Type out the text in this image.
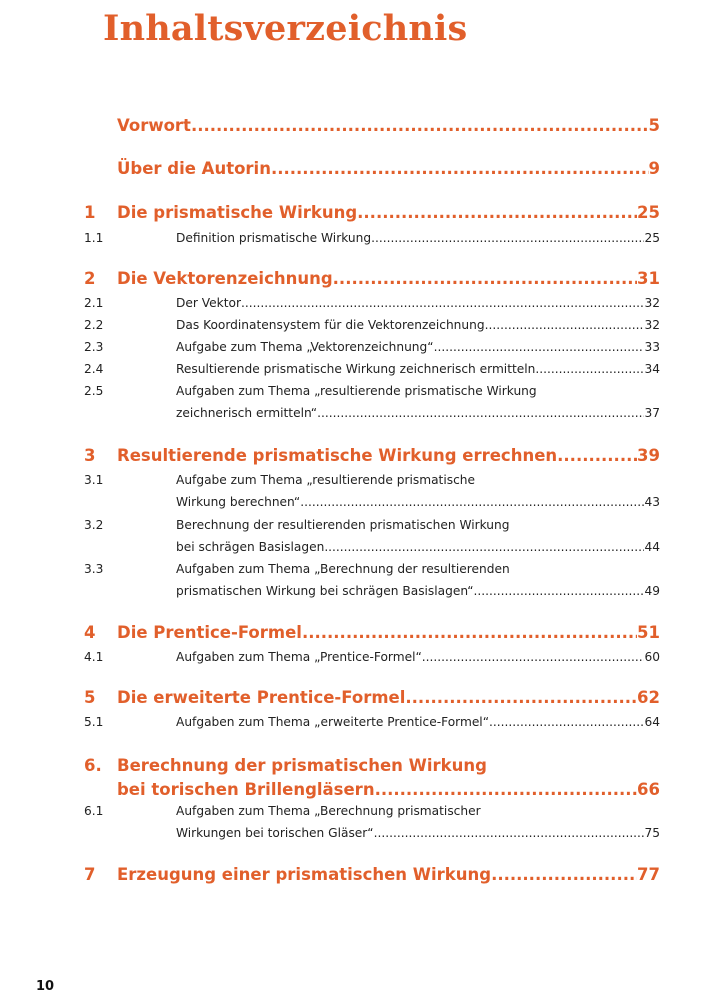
Inhaltsverzeichnis
Vorwort .....	5
Über die Autorin .....	9
1 Die prismatische Wirkung .....	25
1.1	Definition prismatische Wirkung .....	25
2 Die Vektorenzeichnung .....	31
2.1	Der Vektor .....	32
2.2	Das Koordinatensystem für die Vektorenzeichnung .....	32
2.3	Aufgabe zum Thema „Vektorenzeichnung“ .....	33
2.4	Resultierende prismatische Wirkung zeichnerisch ermitteln .....	34
2.5	Aufgaben zum Thema „resultierende prismatische Wirkung
zeichnerisch ermitteln“ .....	37
3 Resultierende prismatische Wirkung errechnen .....	39
3.1	Aufgabe zum Thema „resultierende prismatische
Wirkung berechnen“ .....	43
3.2	Berechnung der resultierenden prismatischen Wirkung
bei schrägen Basislagen .....	44
3.3	Aufgaben zum Thema „Berechnung der resultierenden
prismatischen Wirkung bei schrägen Basislagen“ .....	49
4 Die Prentice-Formel .....	51
4.1	Aufgaben zum Thema „Prentice-Formel“ .....	60
5 Die erweiterte Prentice-Formel .....	62
5.1	Aufgaben zum Thema „erweiterte Prentice-Formel“ .....	64
6. Berechnung der prismatischen Wirkung
bei torischen Brillengläsern .....	66
6.1	Aufgaben zum Thema „Berechnung prismatischer
Wirkungen bei torischen Gläser“ .....	75
7 Erzeugung einer prismatischen Wirkung .....	77
10
